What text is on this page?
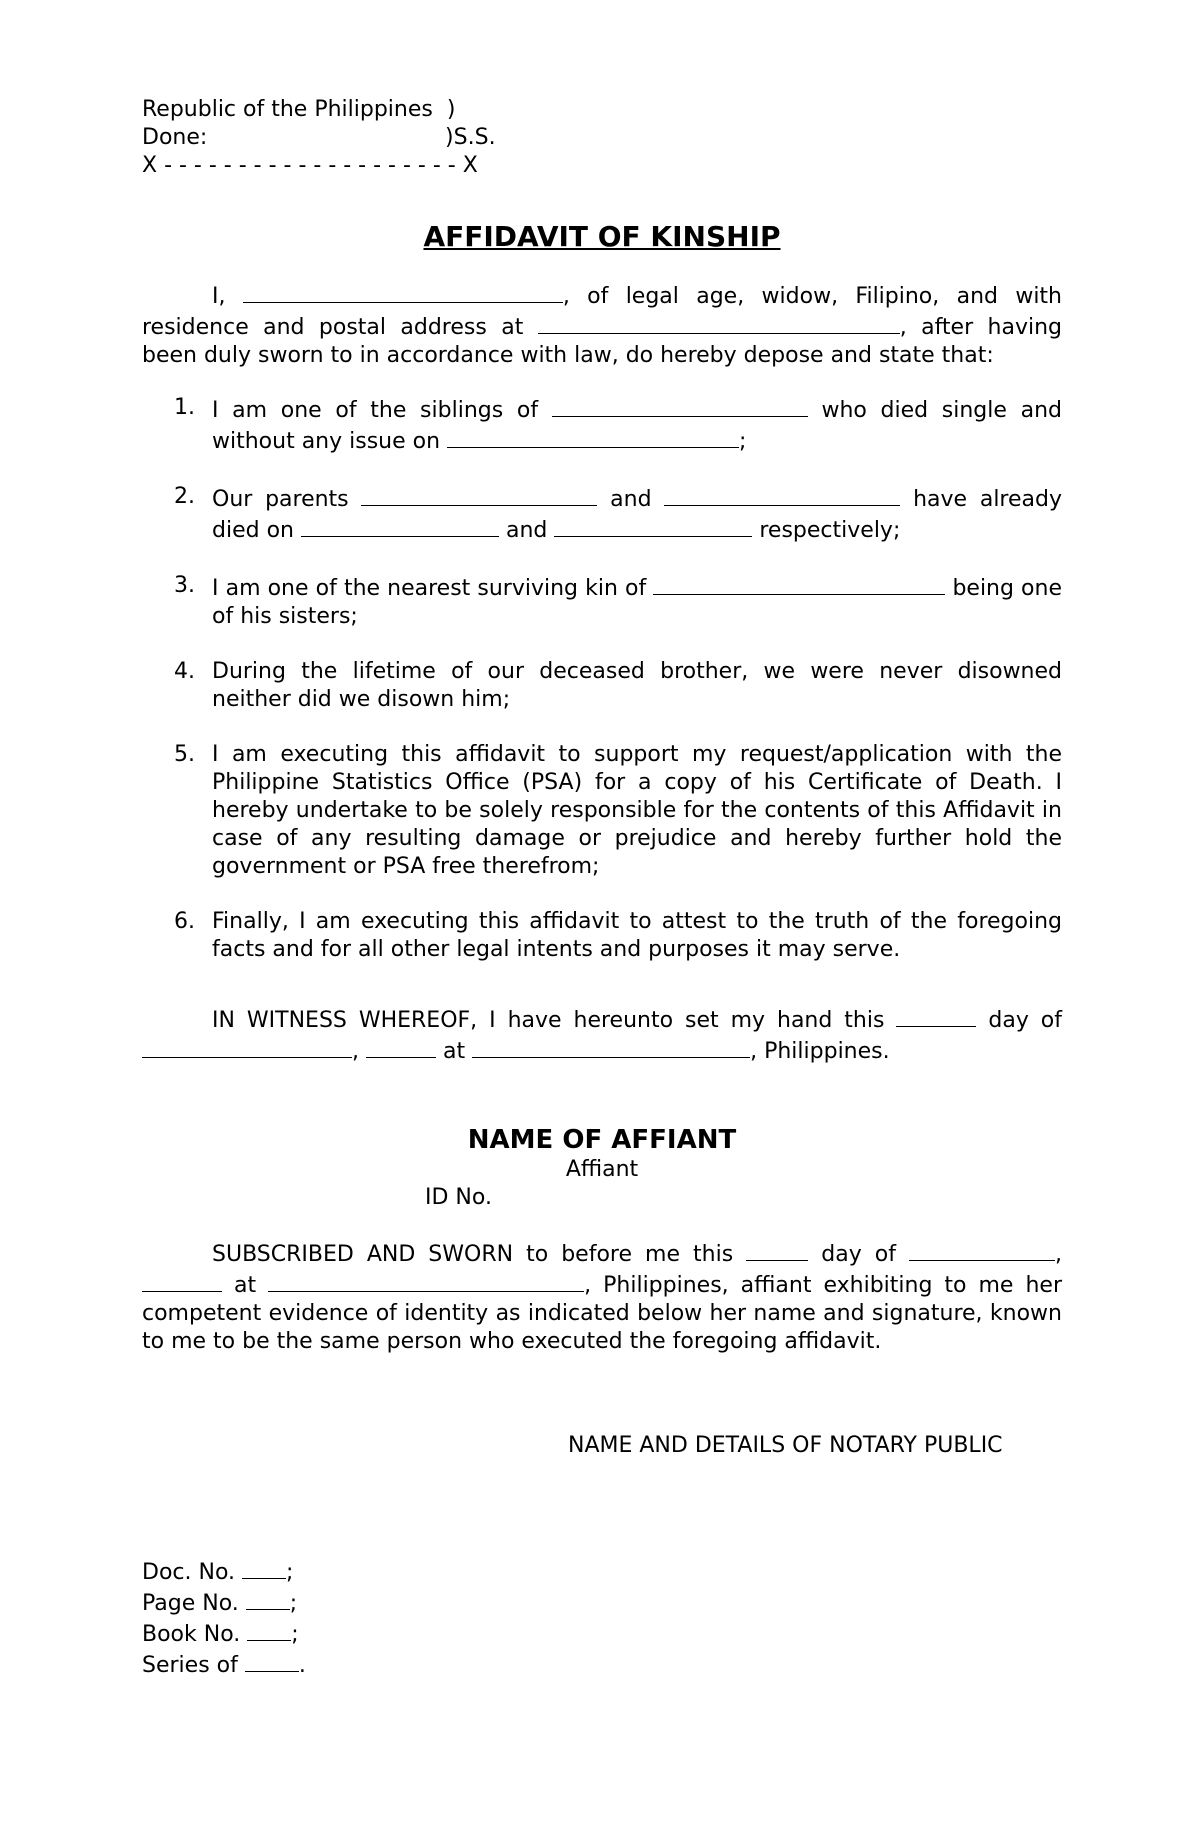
Republic of the Philippines  )
Done:                                  )S.S.
X - - - - - - - - - - - - - - - - - - - - X
AFFIDAVIT OF KINSHIP

I,	, of legal age, widow, Filipino, and with residence and postal address at	, after having been duly sworn to in accordance with law, do hereby depose and state that:

1. I am one of the siblings of	who died single and without any issue on	;
2. Our parents	and	have already died on	and	respectively;
3. I am one of the nearest surviving kin of	being one of his sisters;
4. During the lifetime of our deceased brother, we were never disowned neither did we disown him;
5. I am executing this affidavit to support my request/application with the Philippine Statistics Office (PSA) for a copy of his Certificate of Death. I hereby undertake to be solely responsible for the contents of this Affidavit in case of any resulting damage or prejudice and hereby further hold the government or PSA free therefrom;
6. Finally, I am executing this affidavit to attest to the truth of the foregoing facts and for all other legal intents and purposes it may serve.

IN WITNESS WHEREOF, I have hereunto set my hand this	day of ,	at	, Philippines.

NAME OF AFFIANT
Affiant
ID No.

SUBSCRIBED AND SWORN to before me this	day of	,  at	, Philippines, affiant exhibiting to me her competent evidence of identity as indicated below her name and signature, known to me to be the same person who executed the foregoing affidavit.

NAME AND DETAILS OF NOTARY PUBLIC
Doc. No. ;
Page No. ;
Book No. ;
Series of	.
